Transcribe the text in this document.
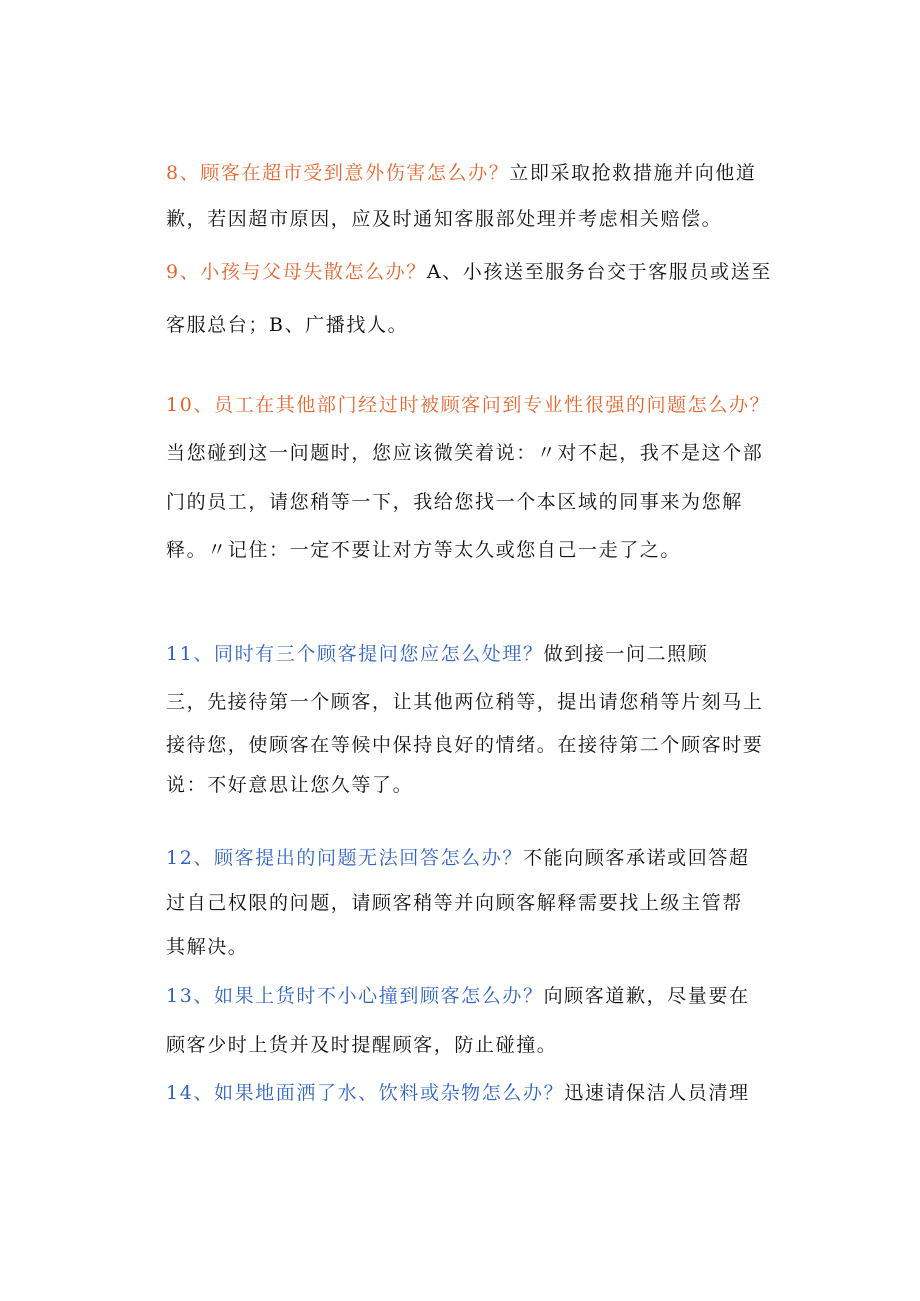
8、顾客在超市受到意外伤害怎么办？立即采取抢救措施并向他道
歉，若因超市原因，应及时通知客服部处理并考虑相关赔偿。
9、小孩与父母失散怎么办？A、小孩送至服务台交于客服员或送至
客服总台；B、广播找人。
10、员工在其他部门经过时被顾客问到专业性很强的问题怎么办？
当您碰到这一问题时，您应该微笑着说：〃对不起，我不是这个部
门的员工，请您稍等一下，我给您找一个本区域的同事来为您解
释。〃记住：一定不要让对方等太久或您自己一走了之。
11、同时有三个顾客提问您应怎么处理？做到接一问二照顾
三，先接待第一个顾客，让其他两位稍等，提出请您稍等片刻马上
接待您，使顾客在等候中保持良好的情绪。在接待第二个顾客时要
说：不好意思让您久等了。
12、顾客提出的问题无法回答怎么办？不能向顾客承诺或回答超
过自己权限的问题，请顾客稍等并向顾客解释需要找上级主管帮
其解决。
13、如果上货时不小心撞到顾客怎么办？向顾客道歉，尽量要在
顾客少时上货并及时提醒顾客，防止碰撞。
14、如果地面洒了水、饮料或杂物怎么办？迅速请保洁人员清理
